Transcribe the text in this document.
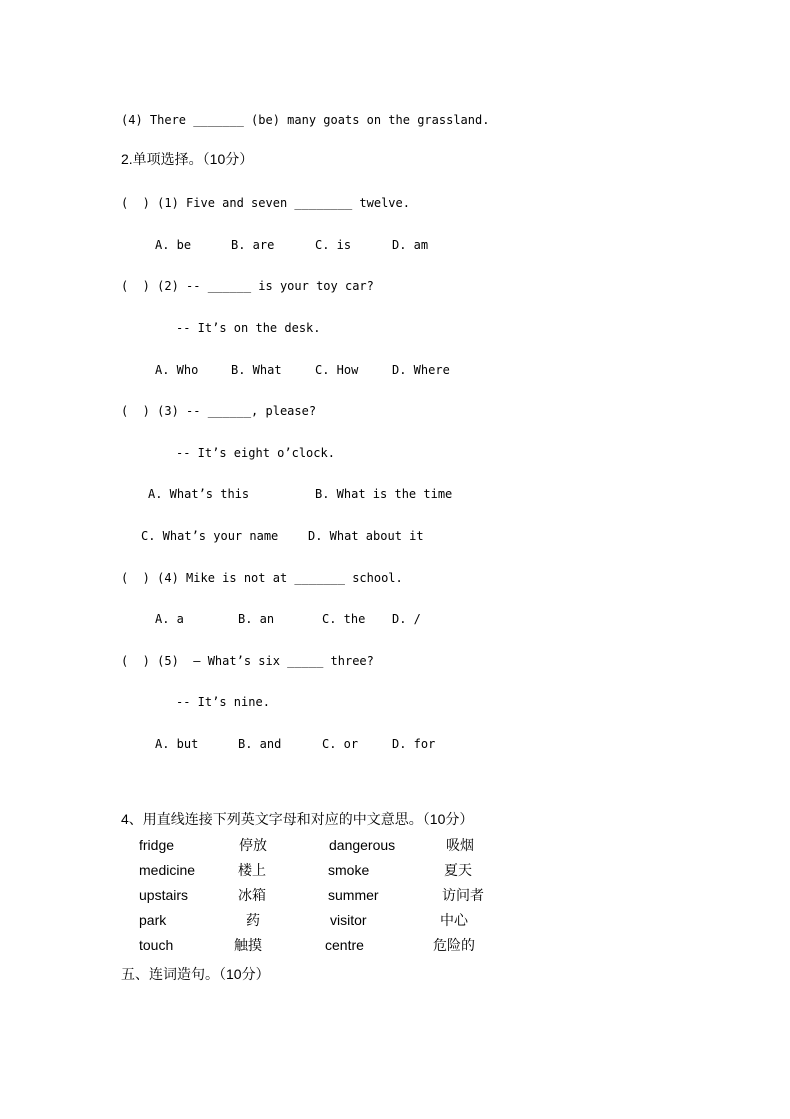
(4) There _______ (be) many goats on the grassland.
2.单项选择。（10分）
(  ) (1) Five and seven ________ twelve.
A. be	B. are	C. is	D. am
(  ) (2) -- ______ is your toy car?
-- It’s on the desk.
A. Who	B. What	C. How	D. Where
(  ) (3) -- ______, please?
-- It’s eight o’clock.
A. What’s this	B. What is the time
C. What’s your name D. What about it
(  ) (4) Mike is not at _______ school.
A. a	B. an	C. the D. /
(  ) (5)  – What’s six _____ three?
-- It’s nine.
A. but	B. and	C. or	D. for
4、用直线连接下列英文字母和对应的中文意思。（10分）
fridge	停放	dangerous	吸烟
medicine	楼上	smoke	夏天
upstairs	冰箱	summer	访问者
park	药	visitor	中心
touch	触摸	centre	危险的
五、连词造句。（10分）
